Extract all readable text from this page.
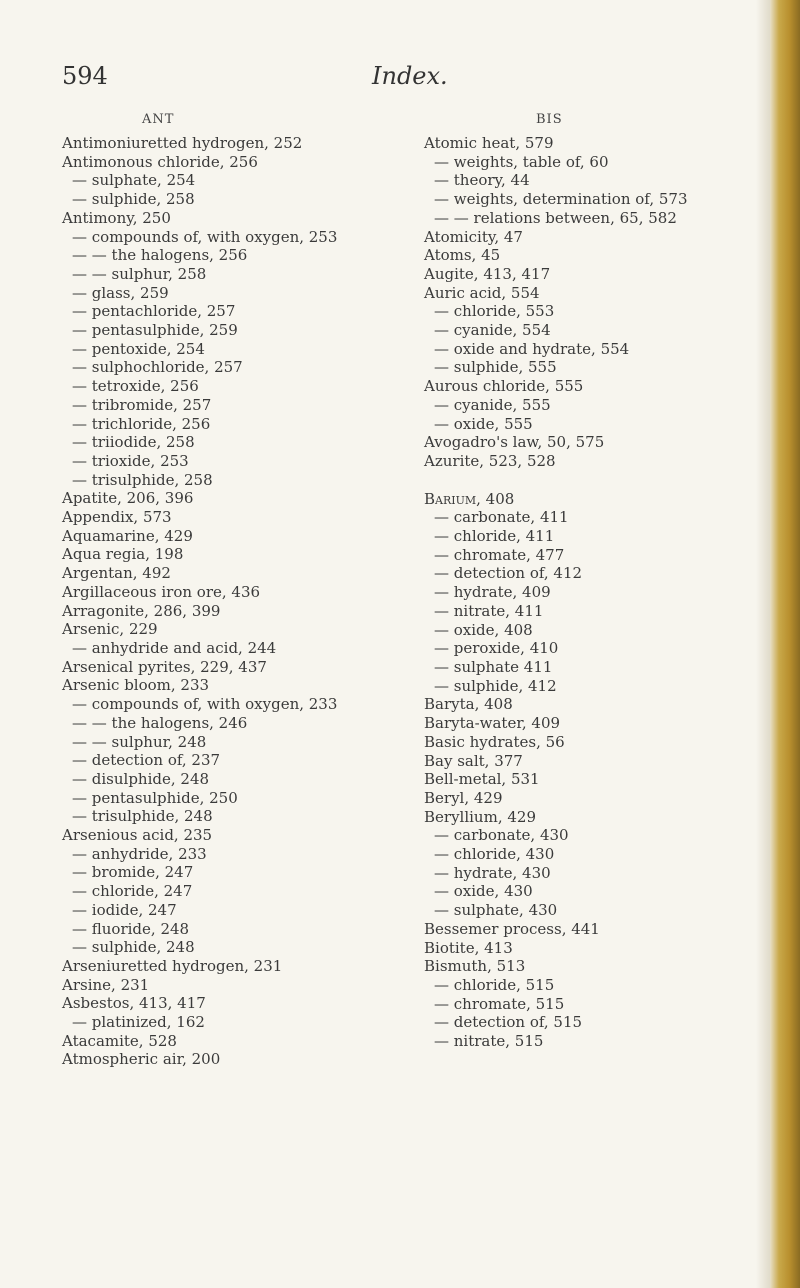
594	Index.
ANT
Antimoniuretted hydrogen, 252
Antimonous chloride, 256
— sulphate, 254
— sulphide, 258
Antimony, 250
— compounds of, with oxygen, 253
— — the halogens, 256
— — sulphur, 258
— glass, 259
— pentachloride, 257
— pentasulphide, 259
— pentoxide, 254
— sulphochloride, 257
— tetroxide, 256
— tribromide, 257
— trichloride, 256
— triiodide, 258
— trioxide, 253
— trisulphide, 258
Apatite, 206, 396
Appendix, 573
Aquamarine, 429
Aqua regia, 198
Argentan, 492
Argillaceous iron ore, 436
Arragonite, 286, 399
Arsenic, 229
— anhydride and acid, 244
Arsenical pyrites, 229, 437
Arsenic bloom, 233
— compounds of, with oxygen, 233
— — the halogens, 246
— — sulphur, 248
— detection of, 237
— disulphide, 248
— pentasulphide, 250
— trisulphide, 248
Arsenious acid, 235
— anhydride, 233
— bromide, 247
— chloride, 247
— iodide, 247
— fluoride, 248
— sulphide, 248
Arseniuretted hydrogen, 231
Arsine, 231
Asbestos, 413, 417
— platinized, 162
Atacamite, 528
Atmospheric air, 200
BIS
Atomic heat, 579
— weights, table of, 60
— theory, 44
— weights, determination of, 573
— — relations between, 65, 582
Atomicity, 47
Atoms, 45
Augite, 413, 417
Auric acid, 554
— chloride, 553
— cyanide, 554
— oxide and hydrate, 554
— sulphide, 555
Aurous chloride, 555
— cyanide, 555
— oxide, 555
Avogadro's law, 50, 575
Azurite, 523, 528
Barium, 408
— carbonate, 411
— chloride, 411
— chromate, 477
— detection of, 412
— hydrate, 409
— nitrate, 411
— oxide, 408
— peroxide, 410
— sulphate 411
— sulphide, 412
Baryta, 408
Baryta-water, 409
Basic hydrates, 56
Bay salt, 377
Bell-metal, 531
Beryl, 429
Beryllium, 429
— carbonate, 430
— chloride, 430
— hydrate, 430
— oxide, 430
— sulphate, 430
Bessemer process, 441
Biotite, 413
Bismuth, 513
— chloride, 515
— chromate, 515
— detection of, 515
— nitrate, 515
